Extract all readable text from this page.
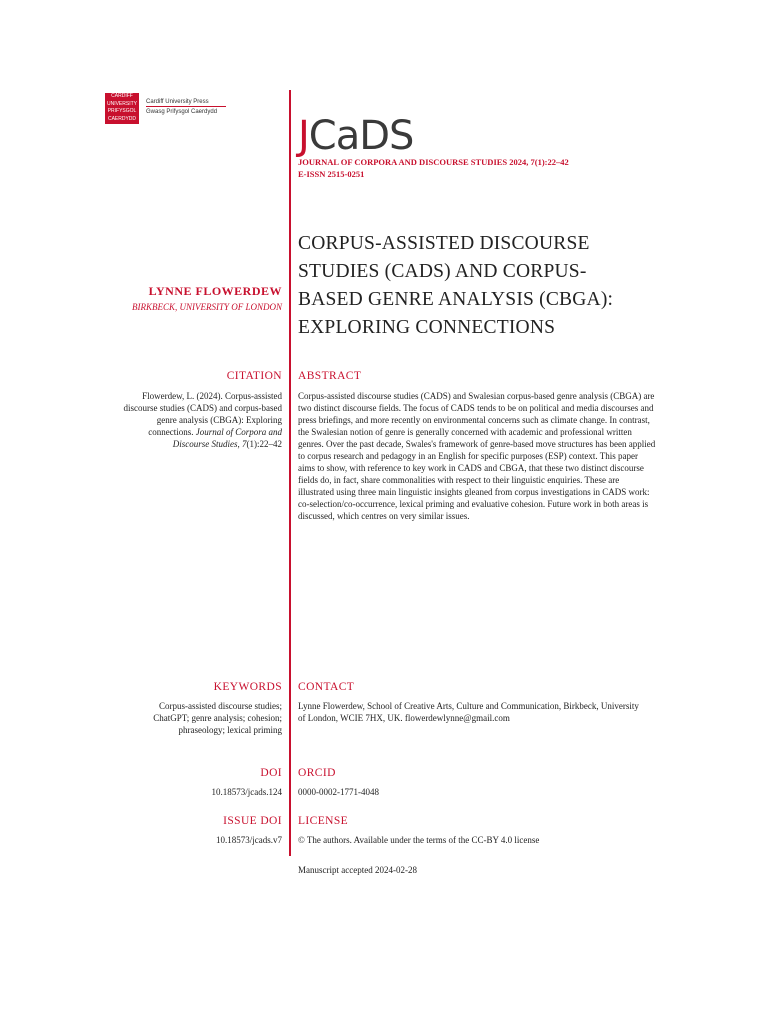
CARDIFF
UNIVERSITY
PRIFYSGOL
CAERDYDD
Cardiff University Press
Gwasg Prifysgol Caerdydd
JCaDS
JOURNAL OF CORPORA AND DISCOURSE STUDIES 2024, 7(1):22–42
E-ISSN 2515-0251
CORPUS-ASSISTED DISCOURSE STUDIES (CADS) AND CORPUS-BASED GENRE ANALYSIS (CBGA): EXPLORING CONNECTIONS
LYNNE FLOWERDEW
BIRKBECK, UNIVERSITY OF LONDON
CITATION
Flowerdew, L. (2024). Corpus-assisted discourse studies (CADS) and corpus-based genre analysis (CBGA): Exploring connections. Journal of Corpora and Discourse Studies, 7(1):22–42
ABSTRACT
Corpus-assisted discourse studies (CADS) and Swalesian corpus-based genre analysis (CBGA) are two distinct discourse fields. The focus of CADS tends to be on political and media discourses and press briefings, and more recently on environmental concerns such as climate change. In contrast, the Swalesian notion of genre is generally concerned with academic and professional written genres. Over the past decade, Swales's framework of genre-based move structures has been applied to corpus research and pedagogy in an English for specific purposes (ESP) context. This paper aims to show, with reference to key work in CADS and CBGA, that these two distinct discourse fields do, in fact, share commonalities with respect to their linguistic enquiries. These are illustrated using three main linguistic insights gleaned from corpus investigations in CADS work: co-selection/co-occurrence, lexical priming and evaluative cohesion. Future work in both areas is discussed, which centres on very similar issues.
KEYWORDS
Corpus-assisted discourse studies; ChatGPT; genre analysis; cohesion; phraseology; lexical priming
CONTACT
Lynne Flowerdew, School of Creative Arts, Culture and Communication, Birkbeck, University of London, WCIE 7HX, UK. flowerdewlynne@gmail.com
DOI
10.18573/jcads.124
ORCID
0000-0002-1771-4048
ISSUE DOI
10.18573/jcads.v7
LICENSE
© The authors. Available under the terms of the CC-BY 4.0 license
Manuscript accepted 2024-02-28
